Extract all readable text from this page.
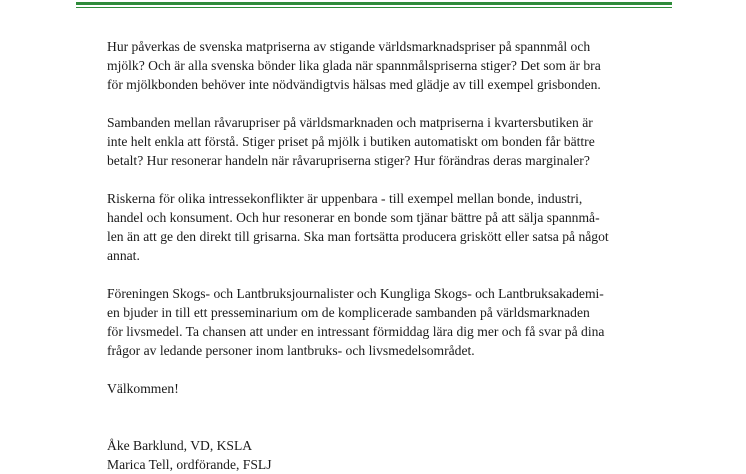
Hur påverkas de svenska matpriserna av stigande världsmarknadspriser på spannmål och
mjölk? Och är alla svenska bönder lika glada när spannmålspriserna stiger? Det som är bra
för mjölkbonden behöver inte nödvändigtvis hälsas med glädje av till exempel grisbonden.

Sambanden mellan råvarupriser på världsmarknaden och matpriserna i kvartersbutiken är
inte helt enkla att förstå. Stiger priset på mjölk i butiken automatiskt om bonden får bättre
betalt? Hur resonerar handeln när råvarupriserna stiger? Hur förändras deras marginaler?

Riskerna för olika intressekonflikter är uppenbara - till exempel mellan bonde, industri,
handel och konsument. Och hur resonerar en bonde som tjänar bättre på att sälja spannmå-
len än att ge den direkt till grisarna. Ska man fortsätta producera griskött eller satsa på något
annat.

Föreningen Skogs- och Lantbruksjournalister och Kungliga Skogs- och Lantbruksakademi-
en bjuder in till ett presseminarium om de komplicerade sambanden på världsmarknaden
för livsmedel. Ta chansen att under en intressant förmiddag lära dig mer och få svar på dina
frågor av ledande personer inom lantbruks- och livsmedelsområdet.

Välkommen!

Åke Barklund, VD, KSLA
Marica Tell, ordförande, FSLJ
